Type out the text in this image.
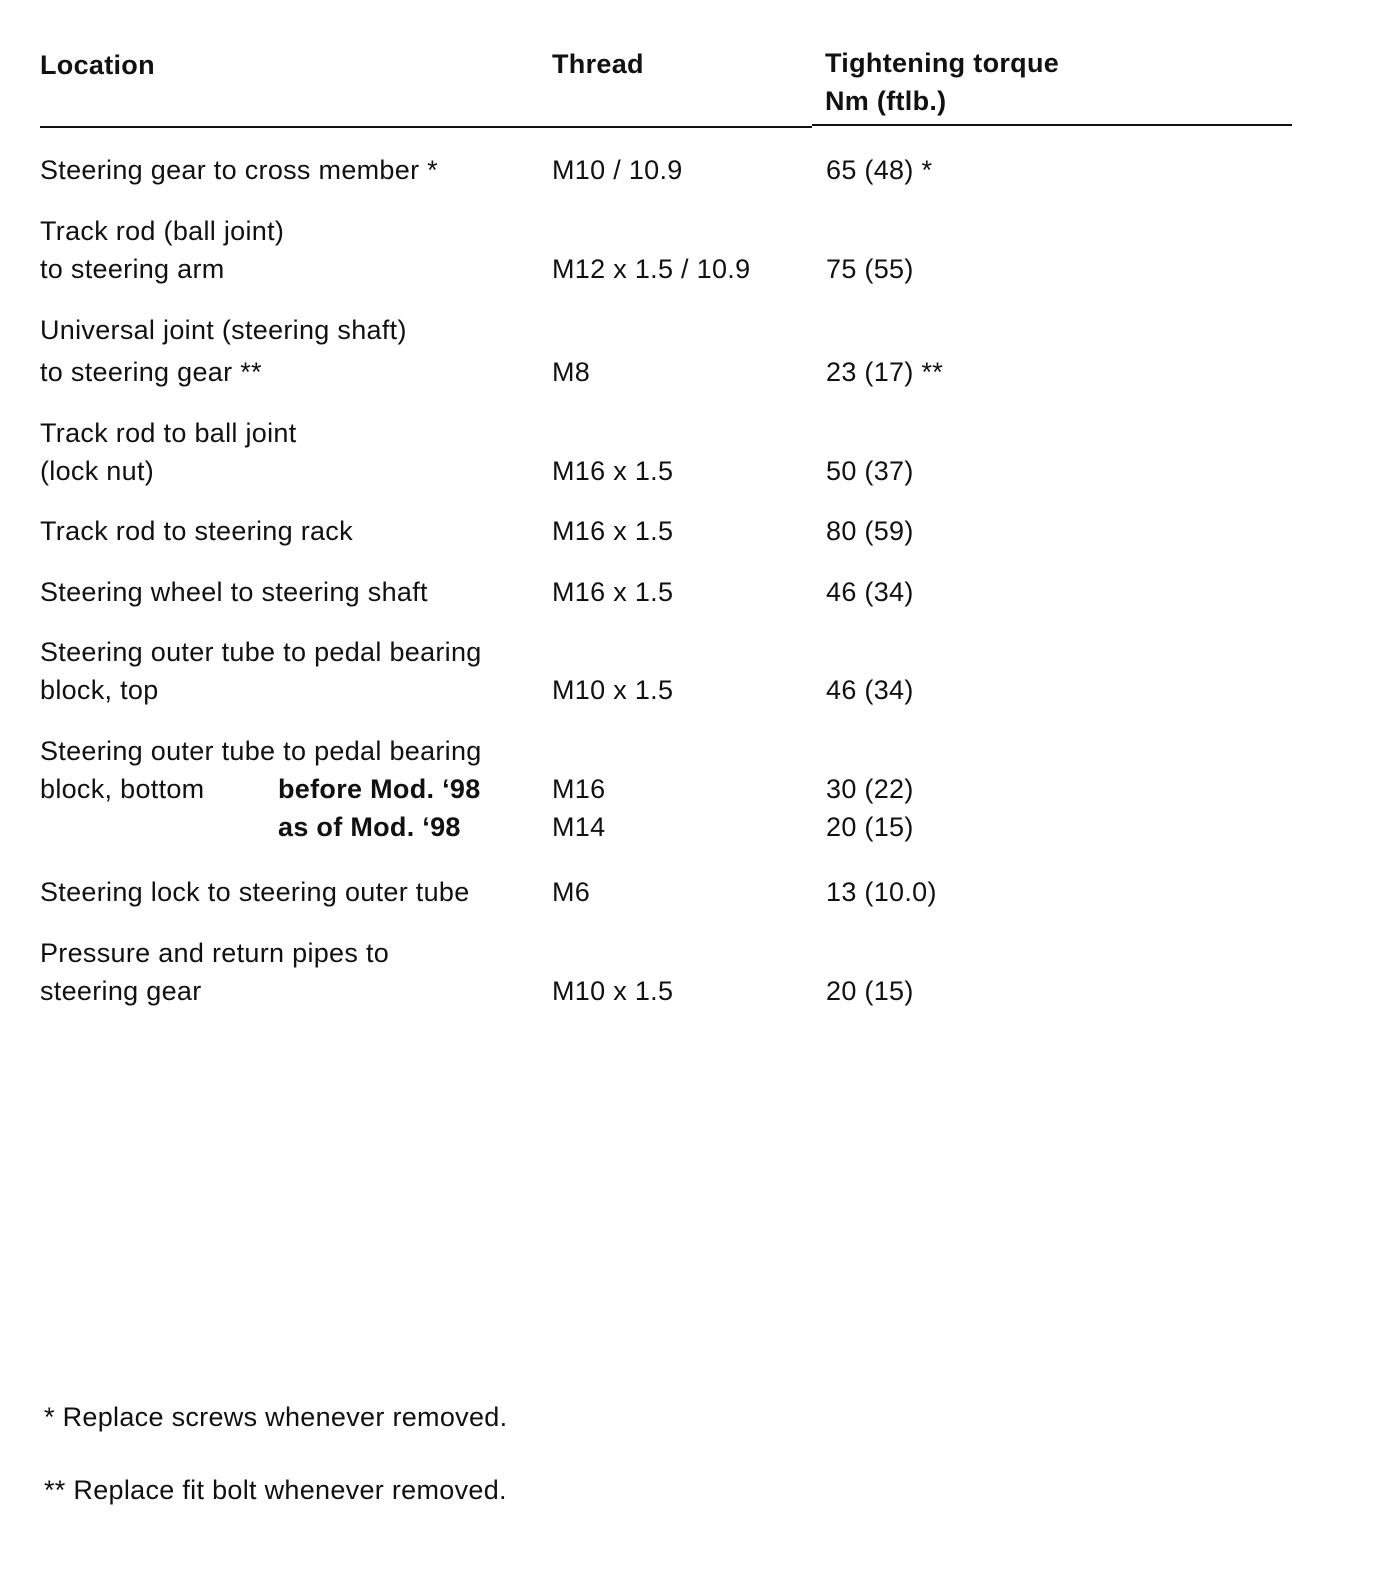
Location	Thread	Tightening torque
Nm (ftlb.)
Steering gear to cross member *	M10 / 10.9	65 (48) *
Track rod (ball joint)
to steering arm	M12 x 1.5 / 10.9	75 (55)
Universal joint (steering shaft)
to steering gear **	M8	23 (17) **
Track rod to ball joint
(lock nut)	M16 x 1.5	50 (37)
Track rod to steering rack	M16 x 1.5	80 (59)
Steering wheel to steering shaft	M16 x 1.5	46 (34)
Steering outer tube to pedal bearing
block, top	M10 x 1.5	46 (34)
Steering outer tube to pedal bearing
block, bottom	before Mod. ‘98	M16	30 (22)
as of Mod. ‘98	M14	20 (15)
Steering lock to steering outer tube	M6	13 (10.0)
Pressure and return pipes to
steering gear	M10 x 1.5	20 (15)
* Replace screws whenever removed.
** Replace fit bolt whenever removed.
